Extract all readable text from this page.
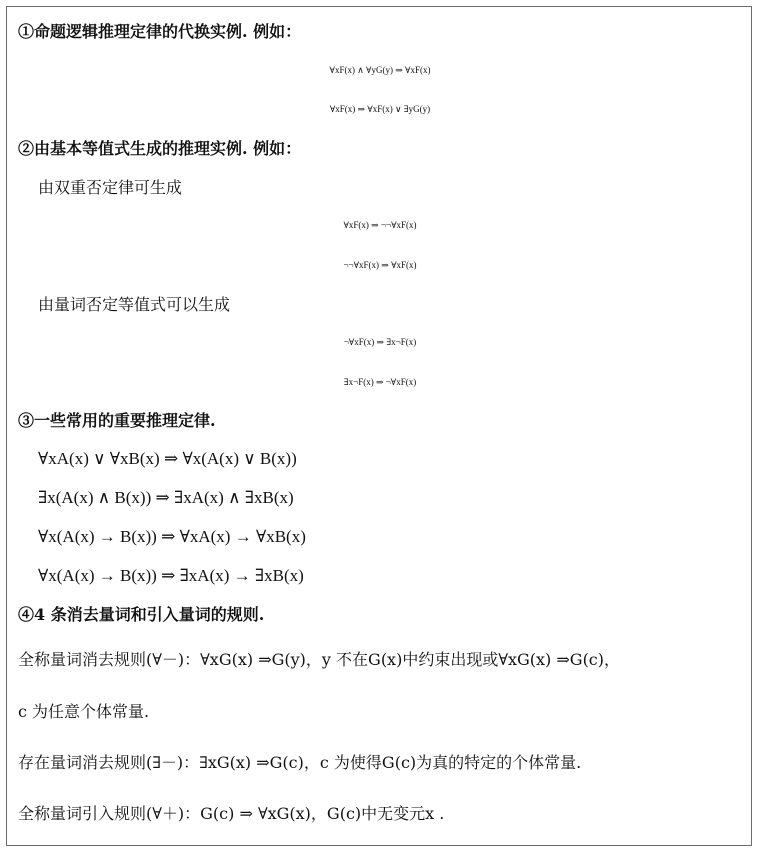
①命题逻辑推理定律的代换实例. 例如：
∀xF(x) ∧ ∀yG(y) ⇒ ∀xF(x)
∀xF(x) ⇒ ∀xF(x) ∨ ∃yG(y)
②由基本等值式生成的推理实例. 例如：
由双重否定律可生成
∀xF(x) ⇒ ¬¬∀xF(x)
¬¬∀xF(x) ⇒ ∀xF(x)
由量词否定等值式可以生成
¬∀xF(x) ⇒ ∃x¬F(x)
∃x¬F(x) ⇒ ¬∀xF(x)
③一些常用的重要推理定律.
∀xA(x) ∨ ∀xB(x) ⇒ ∀x(A(x) ∨ B(x))
∃x(A(x) ∧ B(x)) ⇒ ∃xA(x) ∧ ∃xB(x)
∀x(A(x) → B(x)) ⇒ ∀xA(x) → ∀xB(x)
∀x(A(x) → B(x)) ⇒ ∃xA(x) → ∃xB(x)
④4 条消去量词和引入量词的规则.
全称量词消去规则(∀－)：∀xG(x) ⇒G(y)，y 不在G(x)中约束出现或∀xG(x) ⇒G(c)，
c 为任意个体常量.
存在量词消去规则(∃－)：∃xG(x) ⇒G(c)，c 为使得G(c)为真的特定的个体常量.
全称量词引入规则(∀＋)：G(c) ⇒ ∀xG(x)，G(c)中无变元x .
